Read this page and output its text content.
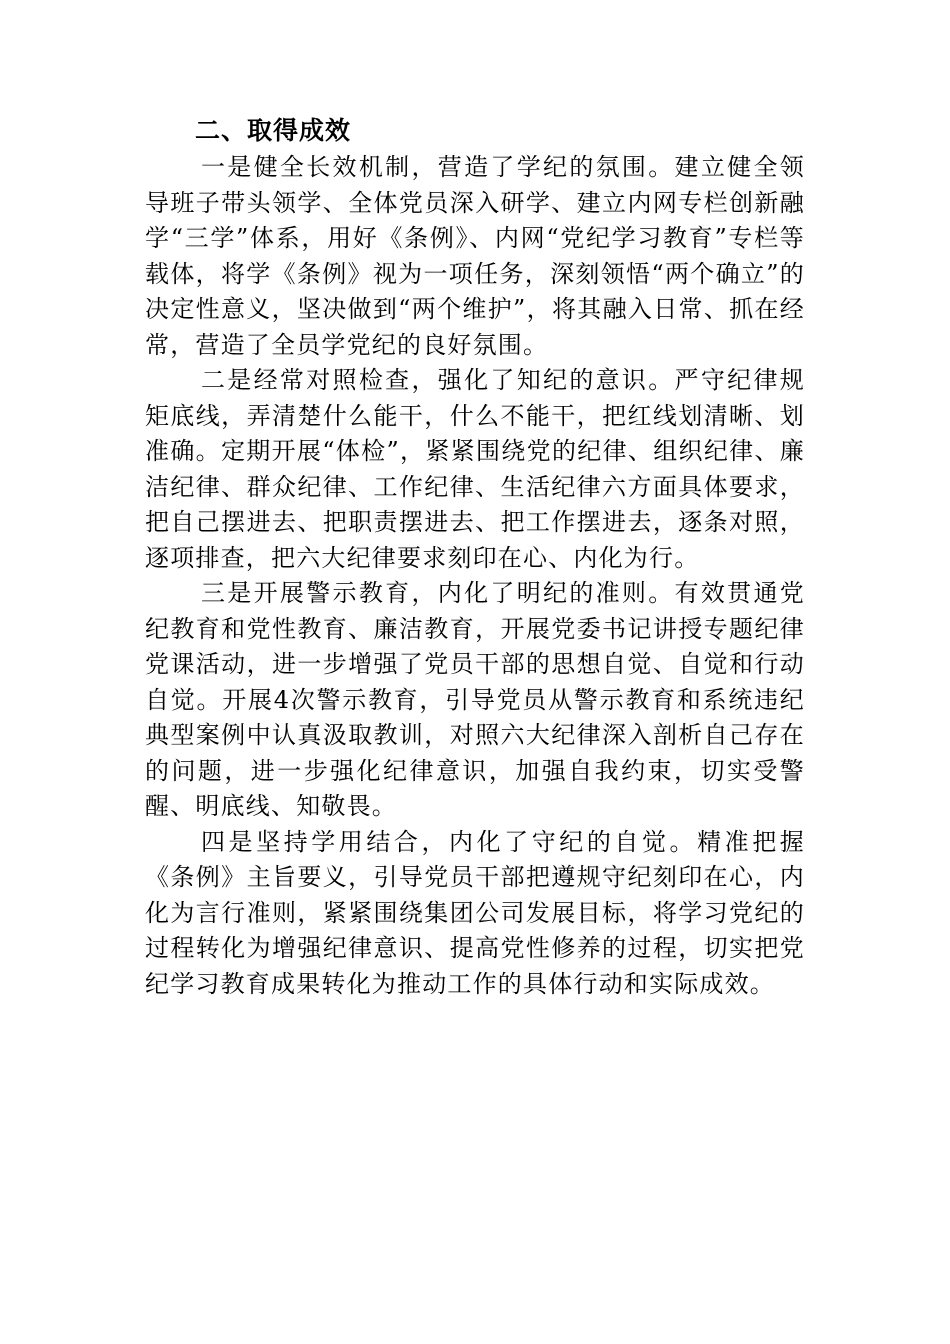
二、取得成效

一是健全长效机制，营造了学纪的氛围。建立健全领导班子带头领学、全体党员深入研学、建立内网专栏创新融学“三学”体系，用好《条例》、内网“党纪学习教育”专栏等载体，将学《条例》视为一项任务，深刻领悟“两个确立”的决定性意义，坚决做到“两个维护”，将其融入日常、抓在经常，营造了全员学党纪的良好氛围。

二是经常对照检查，强化了知纪的意识。严守纪律规矩底线，弄清楚什么能干，什么不能干，把红线划清晰、划准确。定期开展“体检”，紧紧围绕党的纪律、组织纪律、廉洁纪律、群众纪律、工作纪律、生活纪律六方面具体要求，把自己摆进去、把职责摆进去、把工作摆进去，逐条对照，逐项排查，把六大纪律要求刻印在心、内化为行。

三是开展警示教育，内化了明纪的准则。有效贯通党纪教育和党性教育、廉洁教育，开展党委书记讲授专题纪律党课活动，进一步增强了党员干部的思想自觉、自觉和行动自觉。开展4次警示教育，引导党员从警示教育和系统违纪典型案例中认真汲取教训，对照六大纪律深入剖析自己存在的问题，进一步强化纪律意识，加强自我约束，切实受警醒、明底线、知敬畏。

四是坚持学用结合，内化了守纪的自觉。精准把握《条例》主旨要义，引导党员干部把遵规守纪刻印在心，内化为言行准则，紧紧围绕集团公司发展目标，将学习党纪的过程转化为增强纪律意识、提高党性修养的过程，切实把党纪学习教育成果转化为推动工作的具体行动和实际成效。
